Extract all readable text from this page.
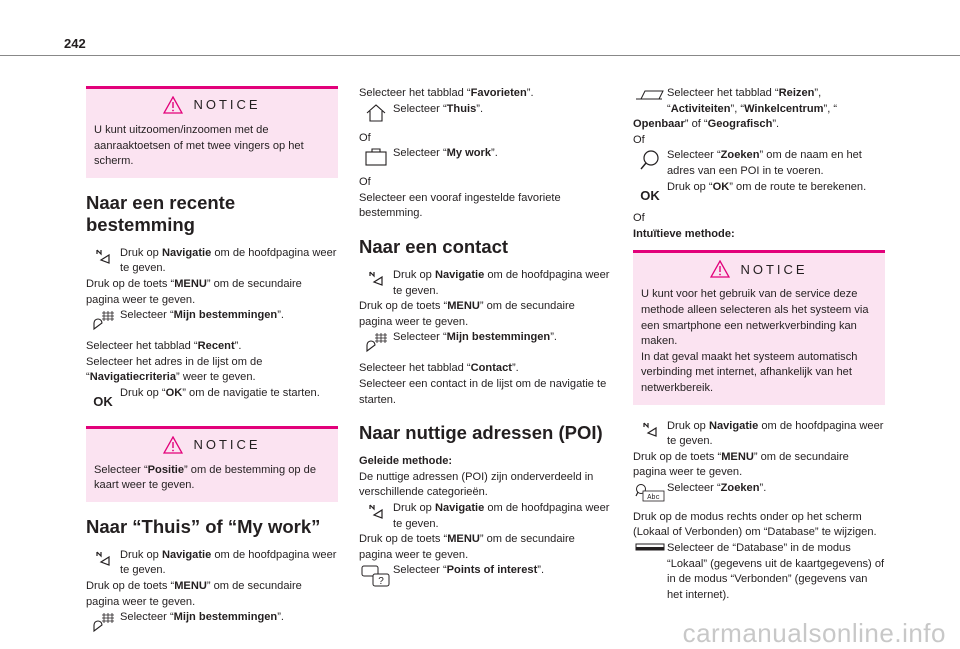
242
NOTICE

U kunt uitzoomen/inzoomen met de aanraaktoetsen of met twee vingers op het scherm.

Naar een recente bestemming
Druk op Navigatie om de hoofdpagina weer te geven.

Druk op de toets “MENU” om de secundaire pagina weer te geven.

Selecteer “Mijn bestemmingen”.

Selecteer het tabblad “Recent”.

Selecteer het adres in de lijst om de “Navigatiecriteria” weer te geven.

OK
Druk op “OK” om de navigatie te starten.
NOTICE

Selecteer “Positie” om de bestemming op de kaart weer te geven.

Naar “Thuis” of “My work”
Druk op Navigatie om de hoofdpagina weer te geven.

Druk op de toets “MENU” om de secundaire pagina weer te geven.

Selecteer “Mijn bestemmingen”.

Selecteer het tabblad “Favorieten”.

Selecteer “Thuis”.

Of

Selecteer “My work”.

Of

Selecteer een vooraf ingestelde favoriete bestemming.

Naar een contact
Druk op Navigatie om de hoofdpagina weer te geven.

Druk op de toets “MENU” om de secundaire pagina weer te geven.

Selecteer “Mijn bestemmingen”.

Selecteer het tabblad “Contact”.

Selecteer een contact in de lijst om de navigatie te starten.

Naar nuttige adressen (POI)

Geleide methode:

De nuttige adressen (POI) zijn onderverdeeld in verschillende categorieën.

Druk op Navigatie om de hoofdpagina weer te geven.

Druk op de toets “MENU” om de secundaire pagina weer te geven.

?
Selecteer “Points of interest”.
Selecteer het tabblad “Reizen”, “Activiteiten”, “Winkelcentrum”, “

Openbaar” of “Geografisch”.

Of

Selecteer “Zoeken” om de naam en het adres van een POI in te voeren.
OK
Druk op “OK” om de route te berekenen.

Of

Intuïtieve methode:

NOTICE

U kunt voor het gebruik van de service deze methode alleen selecteren als het systeem via een smartphone een netwerkverbinding kan maken.
In dat geval maakt het systeem automatisch verbinding met internet, afhankelijk van het netwerkbereik.

Druk op Navigatie om de hoofdpagina weer te geven.

Druk op de toets “MENU” om de secundaire pagina weer te geven.

Abc
Selecteer “Zoeken”.

Druk op de modus rechts onder op het scherm (Lokaal of Verbonden) om “Database” te wijzigen.

Selecteer de “Database” in de modus “Lokaal” (gegevens uit de kaartgegevens) of in de modus “Verbonden” (gegevens van het internet).
carmanualsonline.info
